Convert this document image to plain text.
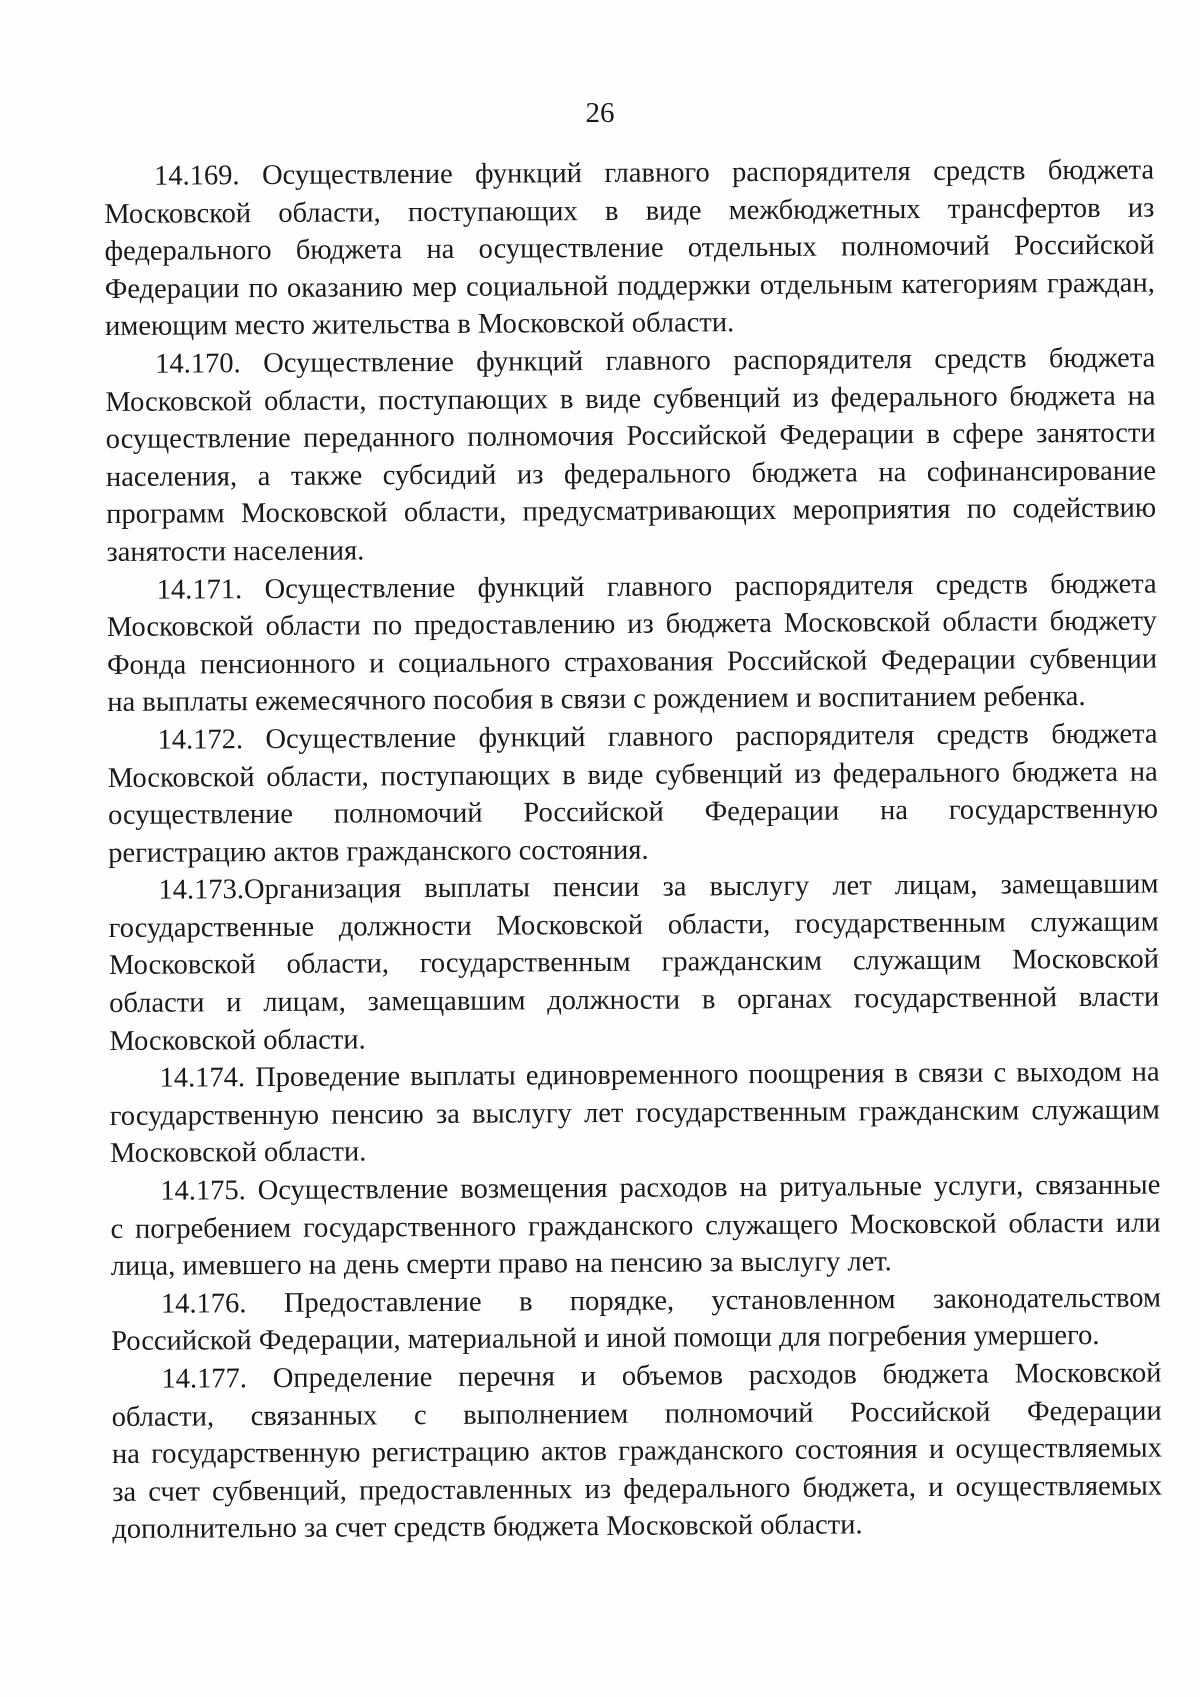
26
14.169. Осуществление функций главного распорядителя средств бюджета
Московской области, поступающих в виде межбюджетных трансфертов из
федерального бюджета на осуществление отдельных полномочий Российской
Федерации по оказанию мер социальной поддержки отдельным категориям граждан,
имеющим место жительства в Московской области.
14.170. Осуществление функций главного распорядителя средств бюджета
Московской области, поступающих в виде субвенций из федерального бюджета на
осуществление переданного полномочия Российской Федерации в сфере занятости
населения, а также субсидий из федерального бюджета на софинансирование
программ Московской области, предусматривающих мероприятия по содействию
занятости населения.
14.171. Осуществление функций главного распорядителя средств бюджета
Московской области по предоставлению из бюджета Московской области бюджету
Фонда пенсионного и социального страхования Российской Федерации субвенции
на выплаты ежемесячного пособия в связи с рождением и воспитанием ребенка.
14.172. Осуществление функций главного распорядителя средств бюджета
Московской области, поступающих в виде субвенций из федерального бюджета на
осуществление полномочий Российской Федерации на государственную
регистрацию актов гражданского состояния.
14.173.Организация выплаты пенсии за выслугу лет лицам, замещавшим
государственные должности Московской области, государственным служащим
Московской области, государственным гражданским служащим Московской
области и лицам, замещавшим должности в органах государственной власти
Московской области.
14.174. Проведение выплаты единовременного поощрения в связи с выходом на
государственную пенсию за выслугу лет государственным гражданским служащим
Московской области.
14.175. Осуществление возмещения расходов на ритуальные услуги, связанные
с погребением государственного гражданского служащего Московской области или
лица, имевшего на день смерти право на пенсию за выслугу лет.
14.176. Предоставление в порядке, установленном законодательством
Российской Федерации, материальной и иной помощи для погребения умершего.
14.177. Определение перечня и объемов расходов бюджета Московской
области, связанных с выполнением полномочий Российской Федерации
на государственную регистрацию актов гражданского состояния и осуществляемых
за счет субвенций, предоставленных из федерального бюджета, и осуществляемых
дополнительно за счет средств бюджета Московской области.
